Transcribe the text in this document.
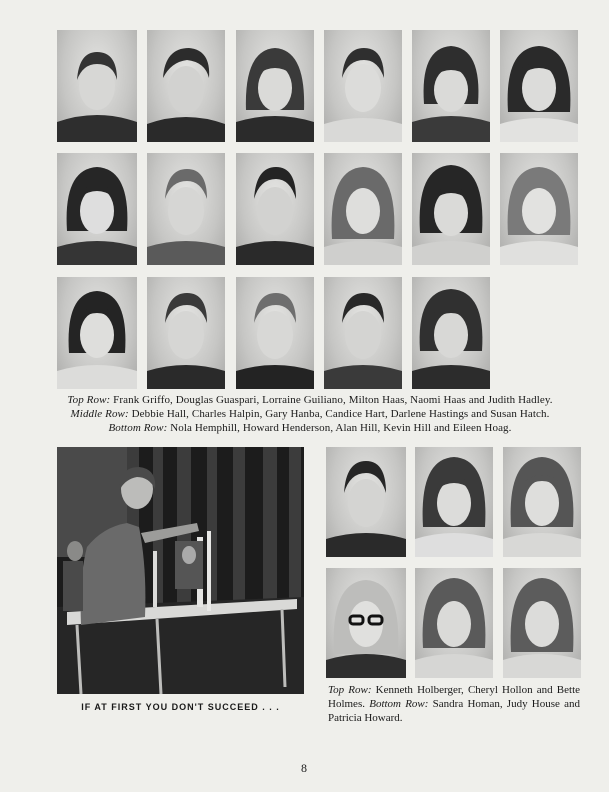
Top Row: Frank Griffo, Douglas Guaspari, Lorraine Guiliano, Milton Haas, Naomi Haas and Judith Hadley.
Middle Row: Debbie Hall, Charles Halpin, Gary Hanba, Candice Hart, Darlene Hastings and Susan Hatch.
Bottom Row: Nola Hemphill, Howard Henderson, Alan Hill, Kevin Hill and Eileen Hoag.
IF AT FIRST YOU DON'T SUCCEED . . .
Top Row: Kenneth Holberger, Cheryl Hollon and Bette Holmes. Bottom Row: Sandra Homan, Judy House and Patricia Howard.
8
